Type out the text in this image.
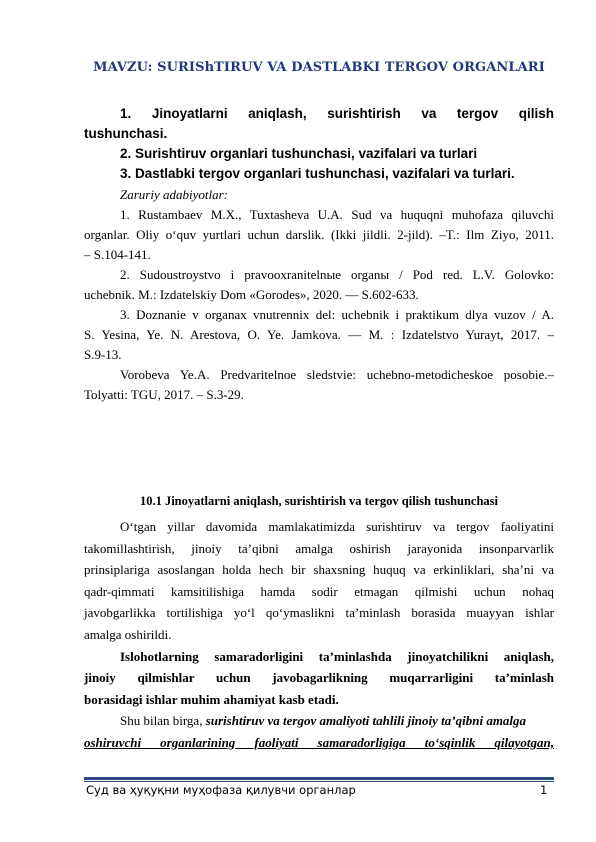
MAVZU: SURIShTIRUV VA DASTLABKI TERGOV ORGANLARI
1. Jinoyatlarni aniqlash, surishtirish va tergov qilish
tushunchasi.
2. Surishtiruv organlari tushunchasi, vazifalari va turlari
3. Dastlabki tergov organlari tushunchasi, vazifalari va turlari.
Zaruriy adabiyotlar:
1. Rustambaev M.X., Tuxtasheva U.A. Sud va huquqni muhofaza qiluvchi
organlar. Oliy o‘quv yurtlari uchun darslik. (Ikki jildli. 2-jild). –T.: Ilm Ziyo, 2011.
– S.104-141.
2. Sudoustroystvo i pravooxranitelnыe organы / Pod red. L.V. Golovko:
uchebnik. M.: Izdatelskiy Dom «Gorodes», 2020. — S.602-633.
3. Doznanie v organax vnutrennix del: uchebnik i praktikum dlya vuzov / A.
S. Yesina, Ye. N. Arestova, O. Ye. Jamkova. — M. : Izdatelstvo Yurayt, 2017. –
S.9-13.
Vorobeva Ye.A. Predvaritelnoe sledstvie: uchebno-metodicheskoe posobie.–
Tolyatti: TGU, 2017. – S.3-29.
10.1 Jinoyatlarni aniqlash, surishtirish va tergov qilish tushunchasi
O‘tgan yillar davomida mamlakatimizda surishtiruv va tergov faoliyatini
takomillashtirish, jinoiy ta’qibni amalga oshirish jarayonida insonparvarlik
prinsiplariga asoslangan holda hech bir shaxsning huquq va erkinliklari, sha’ni va
qadr-qimmati kamsitilishiga hamda sodir etmagan qilmishi uchun nohaq
javobgarlikka tortilishiga yo‘l qo‘ymaslikni ta’minlash borasida muayyan ishlar
amalga oshirildi.
Islohotlarning samaradorligini ta’minlashda jinoyatchilikni aniqlash,
jinoiy qilmishlar uchun javobagarlikning muqarrarligini ta’minlash
borasidagi ishlar muhim ahamiyat kasb etadi.
Shu bilan birga, surishtiruv va tergov amaliyoti tahlili jinoiy ta’qibni amalga
oshiruvchi organlarining faoliyati samaradorligiga to‘sqinlik qilayotgan,
Суд ва ҳуқуқни муҳофаза қилувчи органлар	1
